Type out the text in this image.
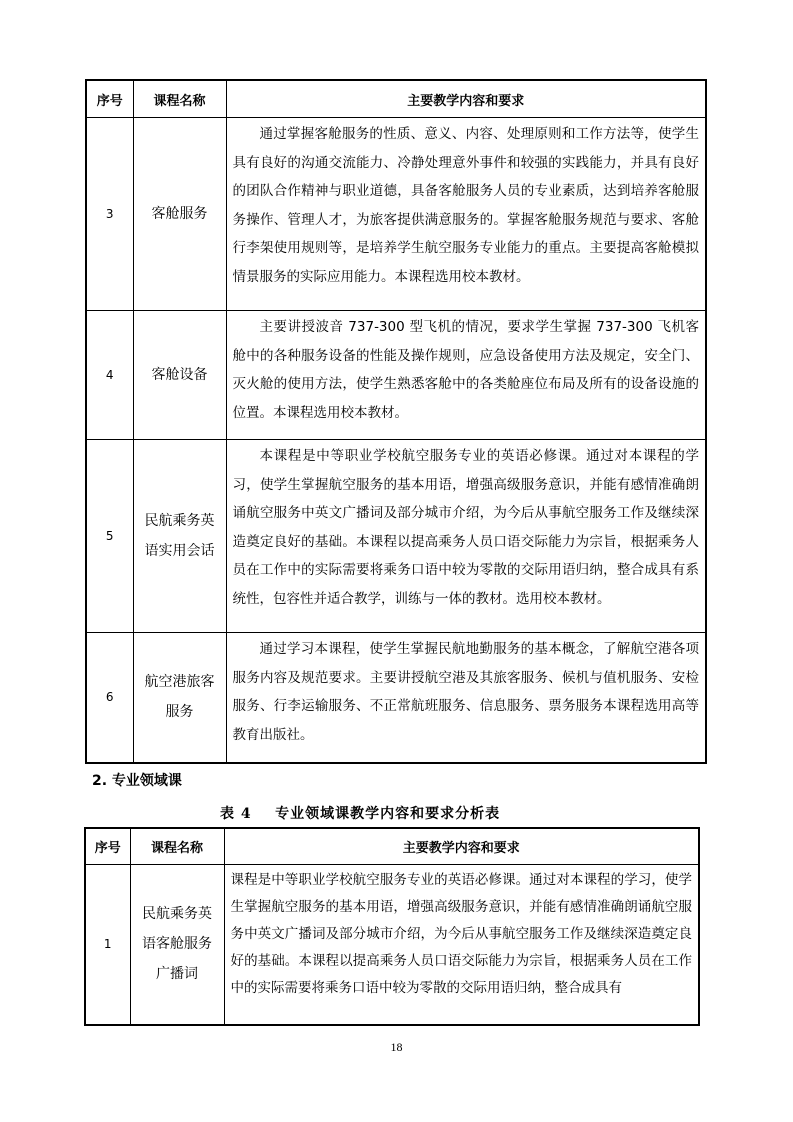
序号	课程名称	主要教学内容和要求
3	客舱服务	通过掌握客舱服务的性质、意义、内容、处理原则和工作方法等，使学生具有良好的沟通交流能力、冷静处理意外事件和较强的实践能力，并具有良好的团队合作精神与职业道德，具备客舱服务人员的专业素质，达到培养客舱服务操作、管理人才，为旅客提供满意服务的。掌握客舱服务规范与要求、客舱行李架使用规则等，是培养学生航空服务专业能力的重点。主要提高客舱模拟情景服务的实际应用能力。本课程选用校本教材。
4	客舱设备	主要讲授波音 737-300 型飞机的情况，要求学生掌握 737-300 飞机客舱中的各种服务设备的性能及操作规则，应急设备使用方法及规定，安全门、灭火舱的使用方法，使学生熟悉客舱中的各类舱座位布局及所有的设备设施的位置。本课程选用校本教材。
5	民航乘务英语实用会话	本课程是中等职业学校航空服务专业的英语必修课。通过对本课程的学习，使学生掌握航空服务的基本用语，增强高级服务意识，并能有感情准确朗诵航空服务中英文广播词及部分城市介绍，为今后从事航空服务工作及继续深造奠定良好的基础。本课程以提高乘务人员口语交际能力为宗旨，根据乘务人员在工作中的实际需要将乘务口语中较为零散的交际用语归纳，整合成具有系统性，包容性并适合教学，训练与一体的教材。选用校本教材。
6	航空港旅客服务	通过学习本课程，使学生掌握民航地勤服务的基本概念，了解航空港各项服务内容及规范要求。主要讲授航空港及其旅客服务、候机与值机服务、安检服务、行李运输服务、不正常航班服务、信息服务、票务服务本课程选用高等教育出版社。
2. 专业领域课
表 4    专业领域课教学内容和要求分析表
序号	课程名称	主要教学内容和要求
1	民航乘务英语客舱服务广播词	课程是中等职业学校航空服务专业的英语必修课。通过对本课程的学习，使学生掌握航空服务的基本用语，增强高级服务意识，并能有感情准确朗诵航空服务中英文广播词及部分城市介绍，为今后从事航空服务工作及继续深造奠定良好的基础。本课程以提高乘务人员口语交际能力为宗旨，根据乘务人员在工作中的实际需要将乘务口语中较为零散的交际用语归纳，整合成具有
18
